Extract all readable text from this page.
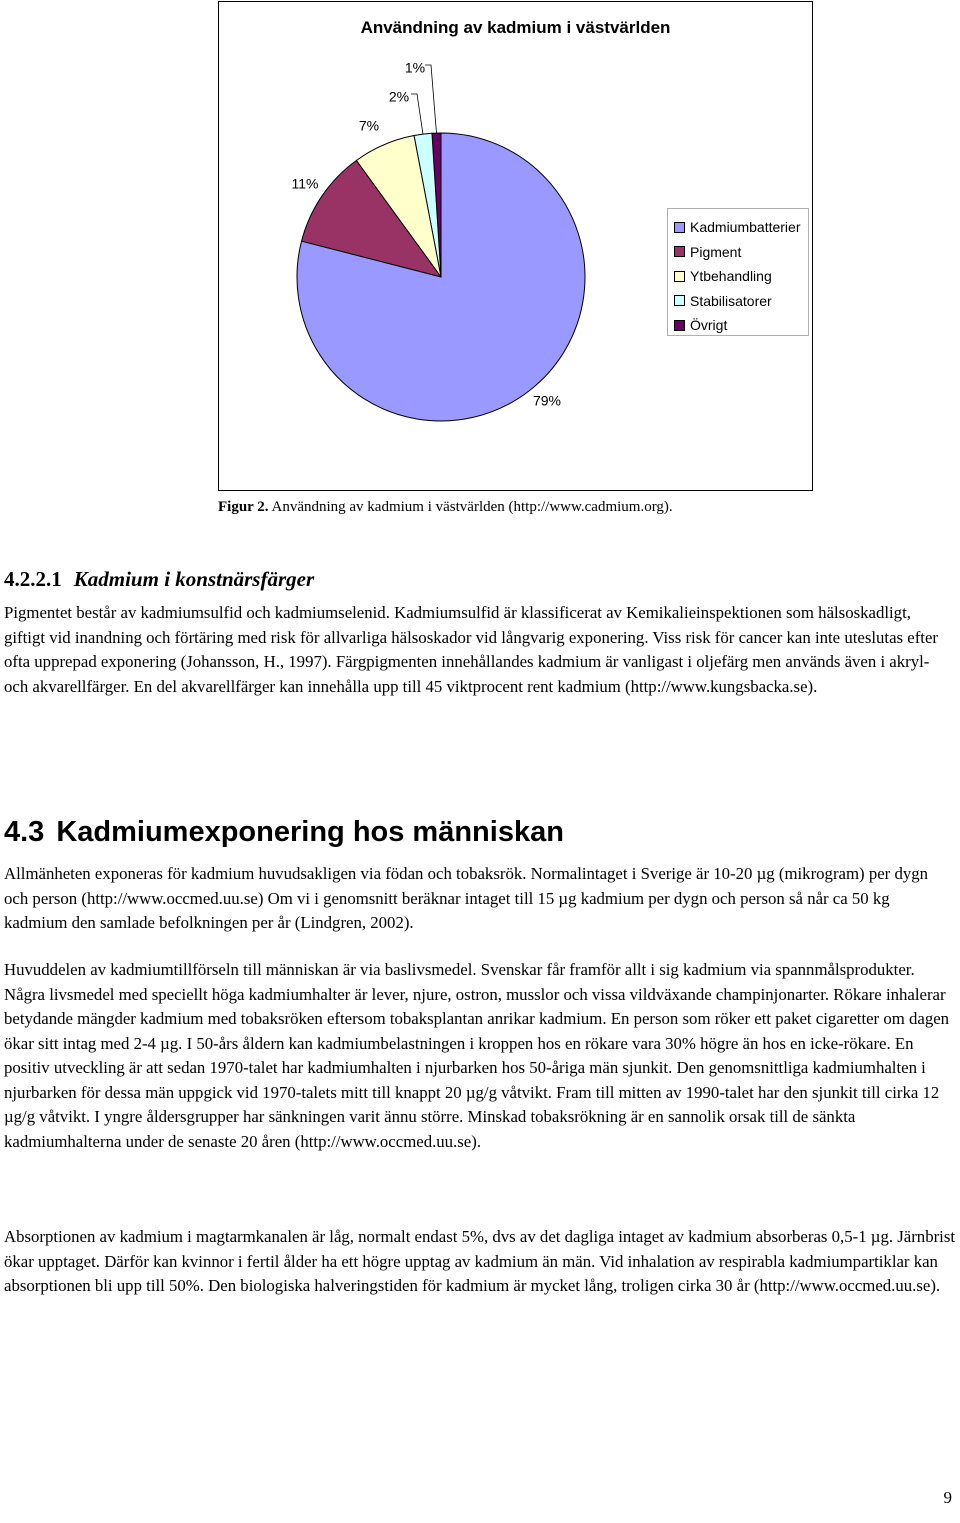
Användning av kadmium i västvärlden
1%
2%
7%
11%
79%
Kadmiumbatterier
Pigment
Ytbehandling
Stabilisatorer
Övrigt
Figur 2. Användning av kadmium i västvärlden (http://www.cadmium.org).
4.2.2.1 Kadmium i konstnärsfärger

Pigmentet består av kadmiumsulfid och kadmiumselenid. Kadmiumsulfid är klassificerat av Kemikalieinspektionen som hälsoskadligt, giftigt vid inandning och förtäring med risk för allvarliga hälsoskador vid långvarig exponering. Viss risk för cancer kan inte uteslutas efter ofta upprepad exponering (Johansson, H., 1997). Färgpigmenten innehållandes kadmium är vanligast i oljefärg men används även i akryl- och akvarellfärger. En del akvarellfärger kan innehålla upp till 45 viktprocent rent kadmium (http://www.kungsbacka.se).

4.3 Kadmiumexponering hos människan

Allmänheten exponeras för kadmium huvudsakligen via födan och tobaksrök. Normalintaget i Sverige är 10-20 µg (mikrogram) per dygn och person (http://www.occmed.uu.se) Om vi i genomsnitt beräknar intaget till 15 µg kadmium per dygn och person så når ca 50 kg kadmium den samlade befolkningen per år (Lindgren, 2002).

Huvuddelen av kadmiumtillförseln till människan är via baslivsmedel. Svenskar får framför allt i sig kadmium via spannmålsprodukter. Några livsmedel med speciellt höga kadmiumhalter är lever, njure, ostron, musslor och vissa vildväxande champinjonarter. Rökare inhalerar betydande mängder kadmium med tobaksröken eftersom tobaksplantan anrikar kadmium. En person som röker ett paket cigaretter om dagen ökar sitt intag med 2-4 µg. I 50-års åldern kan kadmiumbelastningen i kroppen hos en rökare vara 30% högre än hos en icke-rökare. En positiv utveckling är att sedan 1970-talet har kadmiumhalten i njurbarken hos 50-åriga män sjunkit. Den genomsnittliga kadmiumhalten i njurbarken för dessa män uppgick vid 1970-talets mitt till knappt 20 µg/g våtvikt. Fram till mitten av 1990-talet har den sjunkit till cirka 12 µg/g våtvikt. I yngre åldersgrupper har sänkningen varit ännu större. Minskad tobaksrökning är en sannolik orsak till de sänkta kadmiumhalterna under de senaste 20 åren (http://www.occmed.uu.se).

Absorptionen av kadmium i magtarmkanalen är låg, normalt endast 5%, dvs av det dagliga intaget av kadmium absorberas 0,5-1 µg. Järnbrist ökar upptaget. Därför kan kvinnor i fertil ålder ha ett högre upptag av kadmium än män. Vid inhalation av respirabla kadmiumpartiklar kan absorptionen bli upp till 50%. Den biologiska halveringstiden för kadmium är mycket lång, troligen cirka 30 år (http://www.occmed.uu.se).

9
